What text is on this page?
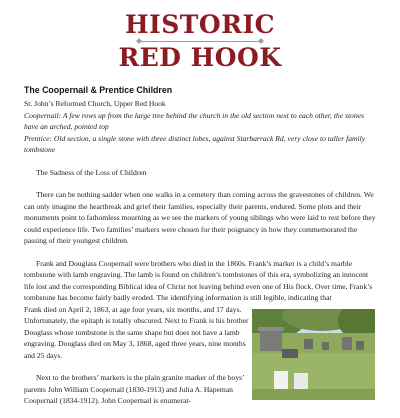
HISTORIC
RED HOOK

The Coopernail & Prentice Children

St. John’s Reformed Church, Upper Red Hook

Coopernail: A few rows up from the large tree behind the church in the old section next to each other, the stones have an arched, pointed top

Prentice: Old section, a single stone with three distinct lobes, against Starbarrack Rd, very close to taller family tombstone

The Sadness of the Loss of Children

There can be nothing sadder when one walks in a cemetery than coming across the gravestones of children. We can only imagine the heartbreak and grief their families, especially their parents, endured. Some plots and their monuments point to fathomless mourning as we see the markers of young siblings who were laid to rest before they could experience life. Two families’ markers were chosen for their poignancy in how they commemorated the passing of their youngest children.

Frank and Douglass Coopernail were brothers who died in the 1860s. Frank’s marker is a child’s marble tombstone with lamb engraving. The lamb is found on children’s tombstones of this era, symbolizing an innocent life lost and the corresponding Biblical idea of Christ not leaving behind even one of His flock. Over time, Frank’s tombstone has become fairly badly eroded. The identifying information is still legible, indicating that

Frank died on April 2, 1863, at age four years, six months, and 17 days. Unfortunately, the epitaph is totally obscured. Next to Frank is his brother Douglass whose tombstone is the same shape but does not have a lamb engraving. Douglass died on May 3, 1868, aged three years, nine months and 25 days.

Next to the brothers’ markers is the plain granite marker of the boys’ parents John William Coopernail (1830-1913) and Julia A. Hapeman Coopernail (1834-1912). John Coopernail is enumerat-
